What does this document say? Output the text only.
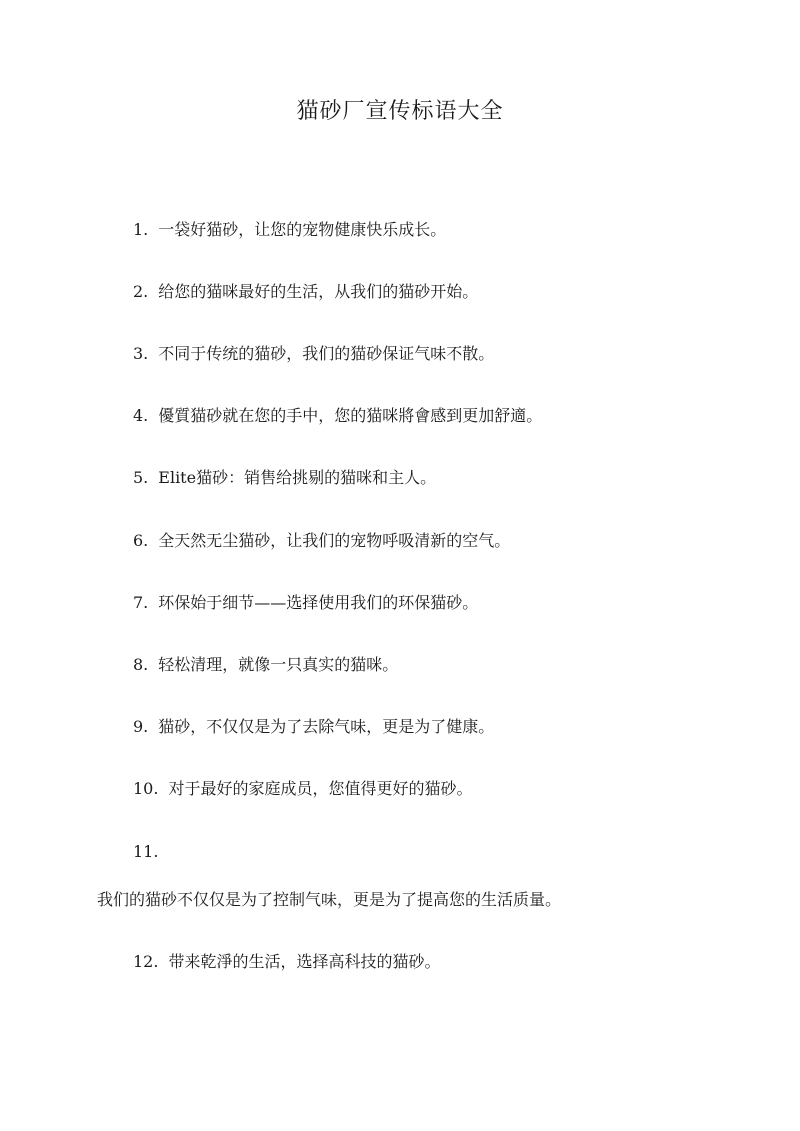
猫砂厂宣传标语大全
1. 一袋好猫砂，让您的宠物健康快乐成长。
2. 给您的猫咪最好的生活，从我们的猫砂开始。
3. 不同于传统的猫砂，我们的猫砂保证气味不散。
4. 優質猫砂就在您的手中，您的猫咪將會感到更加舒適。
5. Elite猫砂：销售给挑剔的猫咪和主人。
6. 全天然无尘猫砂，让我们的宠物呼吸清新的空气。
7. 环保始于细节——选择使用我们的环保猫砂。
8. 轻松清理，就像一只真实的猫咪。
9. 猫砂，不仅仅是为了去除气味，更是为了健康。
10. 对于最好的家庭成员，您值得更好的猫砂。
11.
我们的猫砂不仅仅是为了控制气味，更是为了提高您的生活质量。
12. 带来乾淨的生活，选择高科技的猫砂。
